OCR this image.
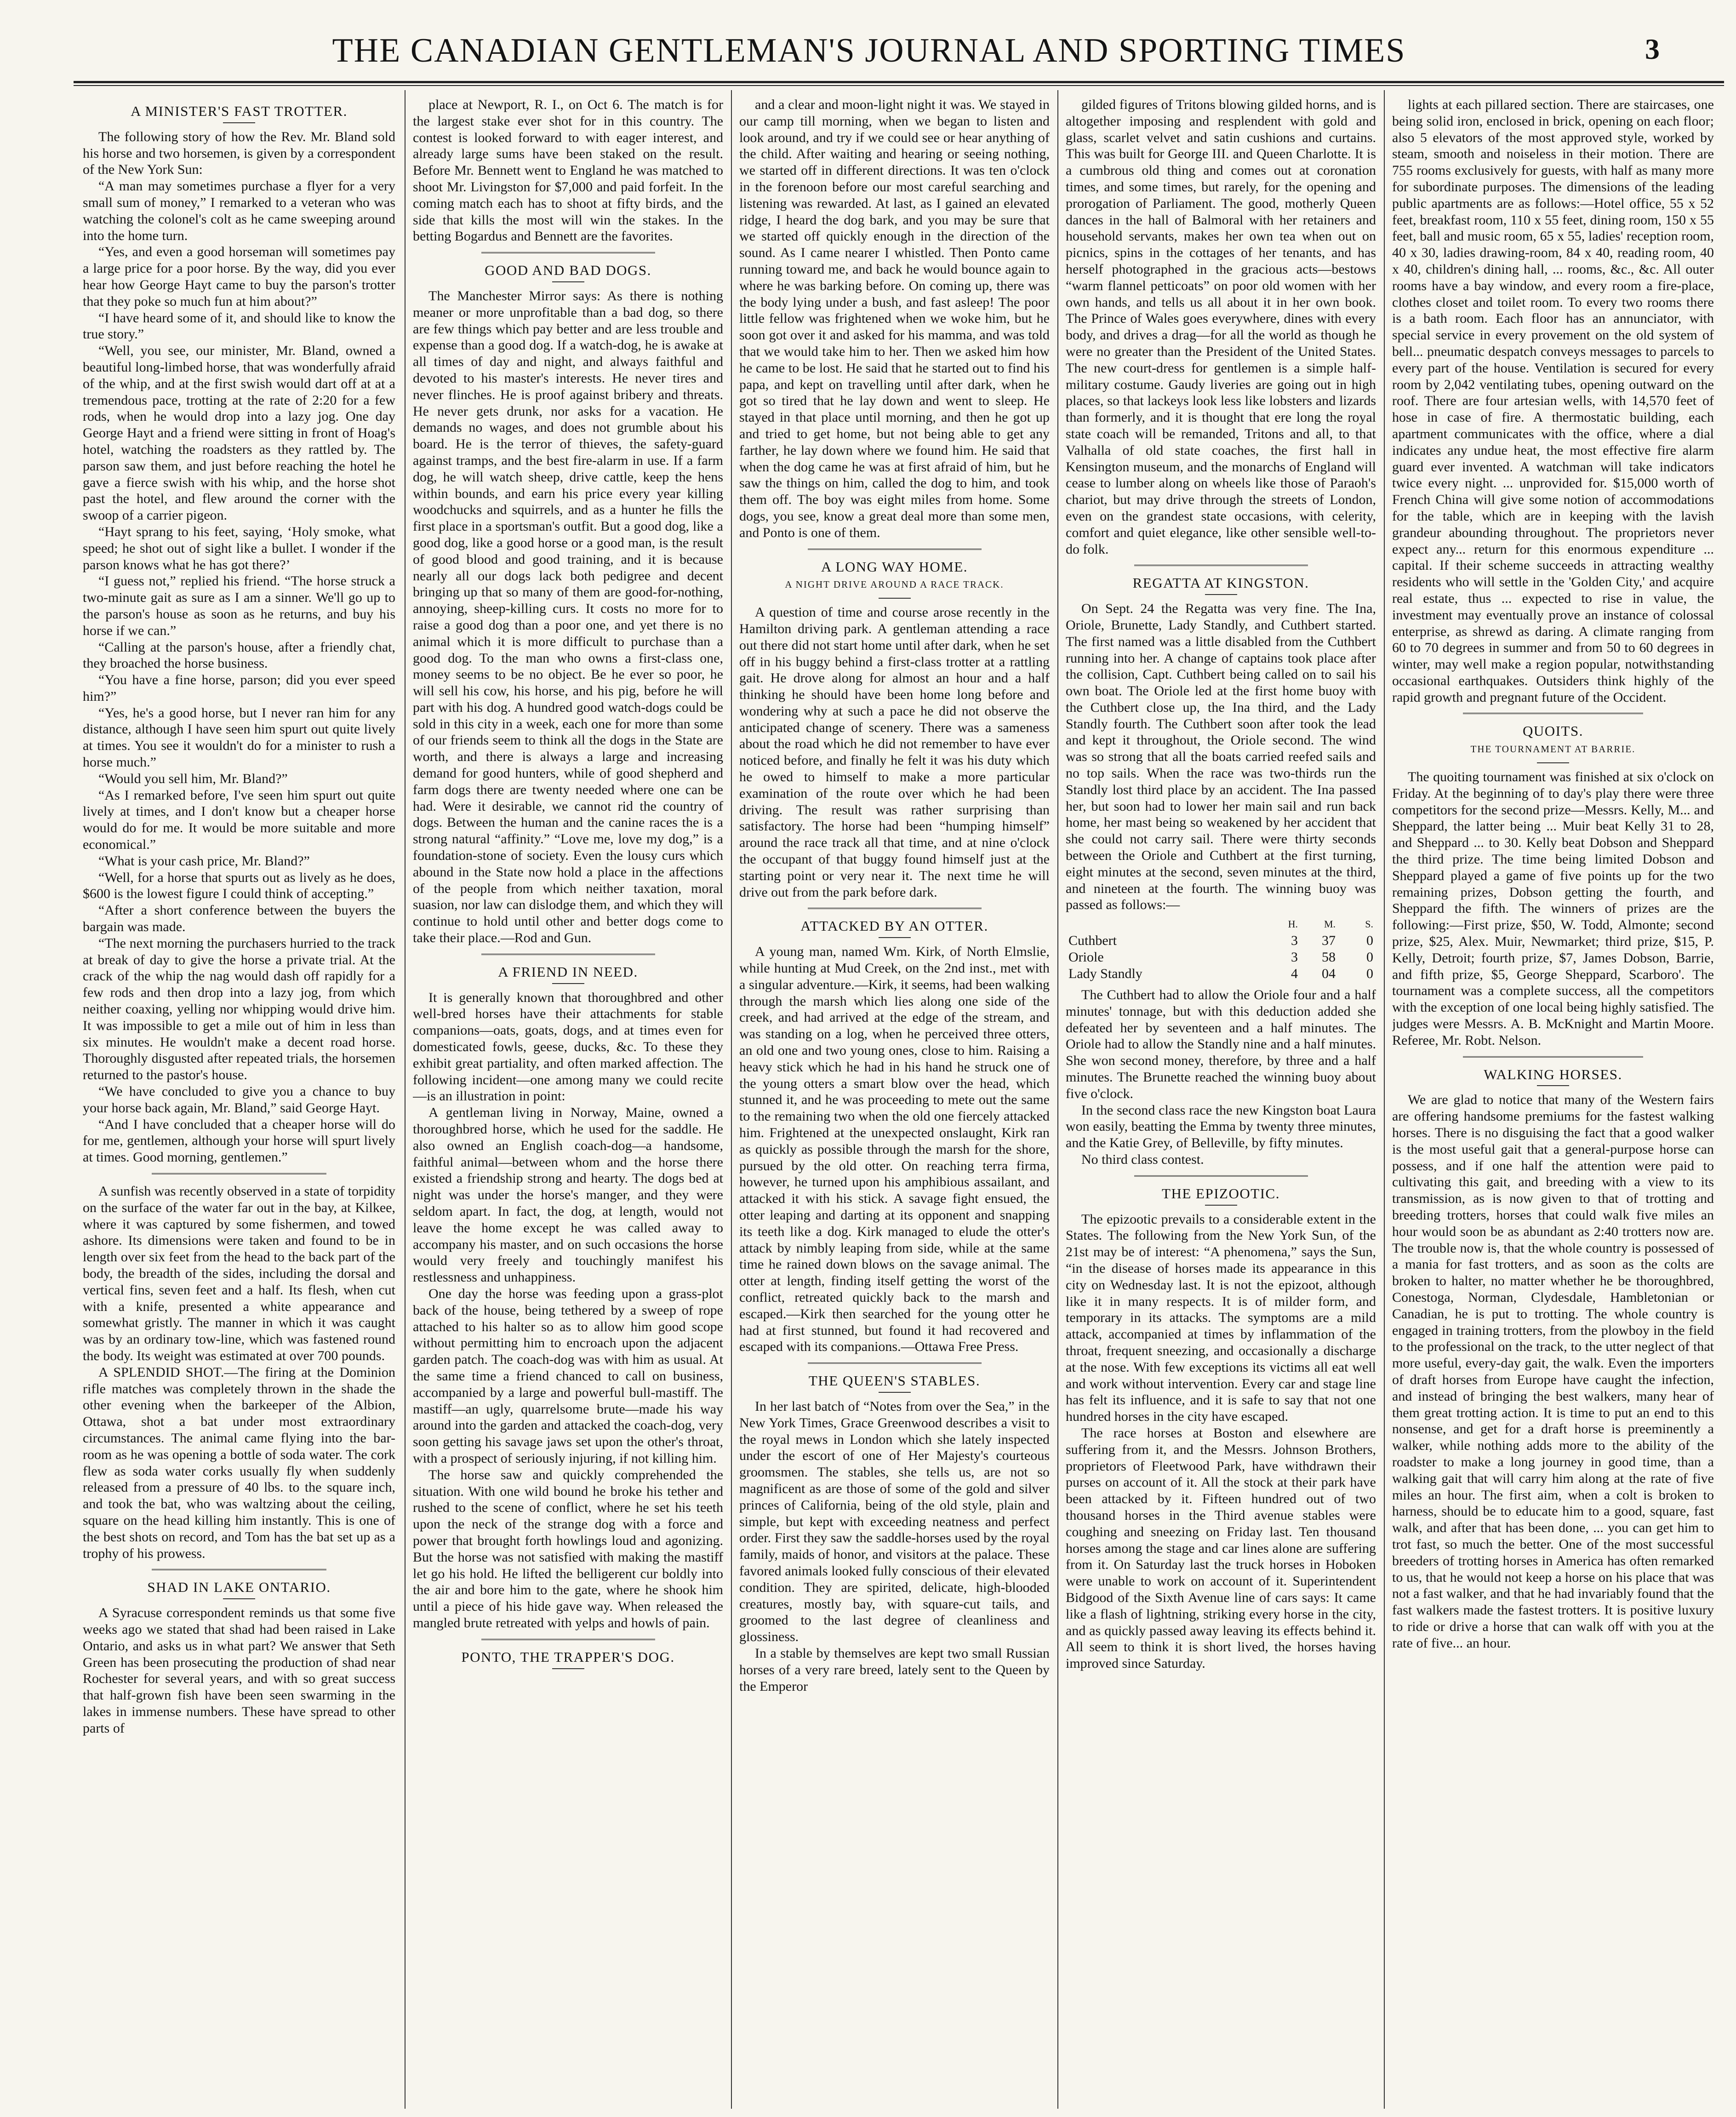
THE CANADIAN GENTLEMAN'S JOURNAL AND SPORTING TIMES	3
A MINISTER'S FAST TROTTER.

The following story of how the Rev. Mr. Bland sold his horse and two horsemen, is given by a correspondent of the New York Sun:

“A man may sometimes purchase a flyer for a very small sum of money,” I remarked to a veteran who was watching the colonel's colt as he came sweeping around into the home turn.

“Yes, and even a good horseman will sometimes pay a large price for a poor horse. By the way, did you ever hear how George Hayt came to buy the parson's trotter that they poke so much fun at him about?”

“I have heard some of it, and should like to know the true story.”

“Well, you see, our minister, Mr. Bland, owned a beautiful long-limbed horse, that was wonderfully afraid of the whip, and at the first swish would dart off at at a tremendous pace, trotting at the rate of 2:20 for a few rods, when he would drop into a lazy jog. One day George Hayt and a friend were sitting in front of Hoag's hotel, watching the roadsters as they rattled by. The parson saw them, and just before reaching the hotel he gave a fierce swish with his whip, and the horse shot past the hotel, and flew around the corner with the swoop of a carrier pigeon.

“Hayt sprang to his feet, saying, ‘Holy smoke, what speed; he shot out of sight like a bullet. I wonder if the parson knows what he has got there?’

“I guess not,” replied his friend. “The horse struck a two-minute gait as sure as I am a sinner. We'll go up to the parson's house as soon as he returns, and buy his horse if we can.”

“Calling at the parson's house, after a friendly chat, they broached the horse business.

“You have a fine horse, parson; did you ever speed him?”

“Yes, he's a good horse, but I never ran him for any distance, although I have seen him spurt out quite lively at times. You see it wouldn't do for a minister to rush a horse much.”

“Would you sell him, Mr. Bland?”

“As I remarked before, I've seen him spurt out quite lively at times, and I don't know but a cheaper horse would do for me. It would be more suitable and more economical.”

“What is your cash price, Mr. Bland?”

“Well, for a horse that spurts out as lively as he does, $600 is the lowest figure I could think of accepting.”

“After a short conference between the buyers the bargain was made.

“The next morning the purchasers hurried to the track at break of day to give the horse a private trial. At the crack of the whip the nag would dash off rapidly for a few rods and then drop into a lazy jog, from which neither coaxing, yelling nor whipping would drive him. It was impossible to get a mile out of him in less than six minutes. He wouldn't make a decent road horse. Thoroughly disgusted after repeated trials, the horsemen returned to the pastor's house.

“We have concluded to give you a chance to buy your horse back again, Mr. Bland,” said George Hayt.

“And I have concluded that a cheaper horse will do for me, gentlemen, although your horse will spurt lively at times. Good morning, gentlemen.”

A sunfish was recently observed in a state of torpidity on the surface of the water far out in the bay, at Kilkee, where it was captured by some fishermen, and towed ashore. Its dimensions were taken and found to be in length over six feet from the head to the back part of the body, the breadth of the sides, including the dorsal and vertical fins, seven feet and a half. Its flesh, when cut with a knife, presented a white appearance and somewhat gristly. The manner in which it was caught was by an ordinary tow-line, which was fastened round the body. Its weight was estimated at over 700 pounds.

A SPLENDID SHOT.—The firing at the Dominion rifle matches was completely thrown in the shade the other evening when the barkeeper of the Albion, Ottawa, shot a bat under most extraordinary circumstances. The animal came flying into the bar-room as he was opening a bottle of soda water. The cork flew as soda water corks usually fly when suddenly released from a pressure of 40 lbs. to the square inch, and took the bat, who was waltzing about the ceiling, square on the head killing him instantly. This is one of the best shots on record, and Tom has the bat set up as a trophy of his prowess.

SHAD IN LAKE ONTARIO.

A Syracuse correspondent reminds us that some five weeks ago we stated that shad had been raised in Lake Ontario, and asks us in what part? We answer that Seth Green has been prosecuting the production of shad near Rochester for several years, and with so great success that half-grown fish have been seen swarming in the lakes in immense numbers. These have spread to other parts of

place at Newport, R. I., on Oct 6. The match is for the largest stake ever shot for in this country. The contest is looked forward to with eager interest, and already large sums have been staked on the result. Before Mr. Bennett went to England he was matched to shoot Mr. Livingston for $7,000 and paid forfeit. In the coming match each has to shoot at fifty birds, and the side that kills the most will win the stakes. In the betting Bogardus and Bennett are the favorites.

GOOD AND BAD DOGS.

The Manchester Mirror says: As there is nothing meaner or more unprofitable than a bad dog, so there are few things which pay better and are less trouble and expense than a good dog. If a watch-dog, he is awake at all times of day and night, and always faithful and devoted to his master's interests. He never tires and never flinches. He is proof against bribery and threats. He never gets drunk, nor asks for a vacation. He demands no wages, and does not grumble about his board. He is the terror of thieves, the safety-guard against tramps, and the best fire-alarm in use. If a farm dog, he will watch sheep, drive cattle, keep the hens within bounds, and earn his price every year killing woodchucks and squirrels, and as a hunter he fills the first place in a sportsman's outfit. But a good dog, like a good dog, like a good horse or a good man, is the result of good blood and good training, and it is because nearly all our dogs lack both pedigree and decent bringing up that so many of them are good-for-nothing, annoying, sheep-killing curs. It costs no more for to raise a good dog than a poor one, and yet there is no animal which it is more difficult to purchase than a good dog. To the man who owns a first-class one, money seems to be no object. Be he ever so poor, he will sell his cow, his horse, and his pig, before he will part with his dog. A hundred good watch-dogs could be sold in this city in a week, each one for more than some of our friends seem to think all the dogs in the State are worth, and there is always a large and increasing demand for good hunters, while of good shepherd and farm dogs there are twenty needed where one can be had. Were it desirable, we cannot rid the country of dogs. Between the human and the canine races the is a strong natural “affinity.” “Love me, love my dog,” is a foundation-stone of society. Even the lousy curs which abound in the State now hold a place in the affections of the people from which neither taxation, moral suasion, nor law can dislodge them, and which they will continue to hold until other and better dogs come to take their place.—Rod and Gun.

A FRIEND IN NEED.

It is generally known that thoroughbred and other well-bred horses have their attachments for stable companions—oats, goats, dogs, and at times even for domesticated fowls, geese, ducks, &c. To these they exhibit great partiality, and often marked affection. The following incident—one among many we could recite—is an illustration in point:

A gentleman living in Norway, Maine, owned a thoroughbred horse, which he used for the saddle. He also owned an English coach-dog—a handsome, faithful animal—between whom and the horse there existed a friendship strong and hearty. The dogs bed at night was under the horse's manger, and they were seldom apart. In fact, the dog, at length, would not leave the home except he was called away to accompany his master, and on such occasions the horse would very freely and touchingly manifest his restlessness and unhappiness.

One day the horse was feeding upon a grass-plot back of the house, being tethered by a sweep of rope attached to his halter so as to allow him good scope without permitting him to encroach upon the adjacent garden patch. The coach-dog was with him as usual. At the same time a friend chanced to call on business, accompanied by a large and powerful bull-mastiff. The mastiff—an ugly, quarrelsome brute—made his way around into the garden and attacked the coach-dog, very soon getting his savage jaws set upon the other's throat, with a prospect of seriously injuring, if not killing him.

The horse saw and quickly comprehended the situation. With one wild bound he broke his tether and rushed to the scene of conflict, where he set his teeth upon the neck of the strange dog with a force and power that brought forth howlings loud and agonizing. But the horse was not satisfied with making the mastiff let go his hold. He lifted the belligerent cur boldly into the air and bore him to the gate, where he shook him until a piece of his hide gave way. When released the mangled brute retreated with yelps and howls of pain.

PONTO, THE TRAPPER'S DOG.

and a clear and moon-light night it was. We stayed in our camp till morning, when we began to listen and look around, and try if we could see or hear anything of the child. After waiting and hearing or seeing nothing, we started off in different directions. It was ten o'clock in the forenoon before our most careful searching and listening was rewarded. At last, as I gained an elevated ridge, I heard the dog bark, and you may be sure that we started off quickly enough in the direction of the sound. As I came nearer I whistled. Then Ponto came running toward me, and back he would bounce again to where he was barking before. On coming up, there was the body lying under a bush, and fast asleep! The poor little fellow was frightened when we woke him, but he soon got over it and asked for his mamma, and was told that we would take him to her. Then we asked him how he came to be lost. He said that he started out to find his papa, and kept on travelling until after dark, when he got so tired that he lay down and went to sleep. He stayed in that place until morning, and then he got up and tried to get home, but not being able to get any farther, he lay down where we found him. He said that when the dog came he was at first afraid of him, but he saw the things on him, called the dog to him, and took them off. The boy was eight miles from home. Some dogs, you see, know a great deal more than some men, and Ponto is one of them.

A LONG WAY HOME.
A NIGHT DRIVE AROUND A RACE TRACK.

A question of time and course arose recently in the Hamilton driving park. A gentleman attending a race out there did not start home until after dark, when he set off in his buggy behind a first-class trotter at a rattling gait. He drove along for almost an hour and a half thinking he should have been home long before and wondering why at such a pace he did not observe the anticipated change of scenery. There was a sameness about the road which he did not remember to have ever noticed before, and finally he felt it was his duty which he owed to himself to make a more particular examination of the route over which he had been driving. The result was rather surprising than satisfactory. The horse had been “humping himself” around the race track all that time, and at nine o'clock the occupant of that buggy found himself just at the starting point or very near it. The next time he will drive out from the park before dark.

ATTACKED BY AN OTTER.

A young man, named Wm. Kirk, of North Elmslie, while hunting at Mud Creek, on the 2nd inst., met with a singular adventure.—Kirk, it seems, had been walking through the marsh which lies along one side of the creek, and had arrived at the edge of the stream, and was standing on a log, when he perceived three otters, an old one and two young ones, close to him. Raising a heavy stick which he had in his hand he struck one of the young otters a smart blow over the head, which stunned it, and he was proceeding to mete out the same to the remaining two when the old one fiercely attacked him. Frightened at the unexpected onslaught, Kirk ran as quickly as possible through the marsh for the shore, pursued by the old otter. On reaching terra firma, however, he turned upon his amphibious assailant, and attacked it with his stick. A savage fight ensued, the otter leaping and darting at its opponent and snapping its teeth like a dog. Kirk managed to elude the otter's attack by nimbly leaping from side, while at the same time he rained down blows on the savage animal. The otter at length, finding itself getting the worst of the conflict, retreated quickly back to the marsh and escaped.—Kirk then searched for the young otter he had at first stunned, but found it had recovered and escaped with its companions.—Ottawa Free Press.

THE QUEEN'S STABLES.

In her last batch of “Notes from over the Sea,” in the New York Times, Grace Greenwood describes a visit to the royal mews in London which she lately inspected under the escort of one of Her Majesty's courteous groomsmen. The stables, she tells us, are not so magnificent as are those of some of the gold and silver princes of California, being of the old style, plain and simple, but kept with exceeding neatness and perfect order. First they saw the saddle-horses used by the royal family, maids of honor, and visitors at the palace. These favored animals looked fully conscious of their elevated condition. They are spirited, delicate, high-blooded creatures, mostly bay, with square-cut tails, and groomed to the last degree of cleanliness and glossiness.

In a stable by themselves are kept two small Russian horses of a very rare breed, lately sent to the Queen by the Emperor

gilded figures of Tritons blowing gilded horns, and is altogether imposing and resplendent with gold and glass, scarlet velvet and satin cushions and curtains. This was built for George III. and Queen Charlotte. It is a cumbrous old thing and comes out at coronation times, and some times, but rarely, for the opening and prorogation of Parliament. The good, motherly Queen dances in the hall of Balmoral with her retainers and household servants, makes her own tea when out on picnics, spins in the cottages of her tenants, and has herself photographed in the gracious acts—bestows “warm flannel petticoats” on poor old women with her own hands, and tells us all about it in her own book. The Prince of Wales goes everywhere, dines with every body, and drives a drag—for all the world as though he were no greater than the President of the United States. The new court-dress for gentlemen is a simple half-military costume. Gaudy liveries are going out in high places, so that lackeys look less like lobsters and lizards than formerly, and it is thought that ere long the royal state coach will be remanded, Tritons and all, to that Valhalla of old state coaches, the first hall in Kensington museum, and the monarchs of England will cease to lumber along on wheels like those of Paraoh's chariot, but may drive through the streets of London, even on the grandest state occasions, with celerity, comfort and quiet elegance, like other sensible well-to-do folk.

REGATTA AT KINGSTON.

On Sept. 24 the Regatta was very fine. The Ina, Oriole, Brunette, Lady Standly, and Cuthbert started. The first named was a little disabled from the Cuthbert running into her. A change of captains took place after the collision, Capt. Cuthbert being called on to sail his own boat. The Oriole led at the first home buoy with the Cuthbert close up, the Ina third, and the Lady Standly fourth. The Cuthbert soon after took the lead and kept it throughout, the Oriole second. The wind was so strong that all the boats carried reefed sails and no top sails. When the race was two-thirds run the Standly lost third place by an accident. The Ina passed her, but soon had to lower her main sail and run back home, her mast being so weakened by her accident that she could not carry sail. There were thirty seconds between the Oriole and Cuthbert at the first turning, eight minutes at the second, seven minutes at the third, and nineteen at the fourth. The winning buoy was passed as follows:—

	H.	M.	S.
Cuthbert	3	37	0
Oriole	3	58	0
Lady Standly	4	04	0

The Cuthbert had to allow the Oriole four and a half minutes' tonnage, but with this deduction added she defeated her by seventeen and a half minutes. The Oriole had to allow the Standly nine and a half minutes. She won second money, therefore, by three and a half minutes. The Brunette reached the winning buoy about five o'clock.

In the second class race the new Kingston boat Laura won easily, beatting the Emma by twenty three minutes, and the Katie Grey, of Belleville, by fifty minutes.

No third class contest.

THE EPIZOOTIC.

The epizootic prevails to a considerable extent in the States. The following from the New York Sun, of the 21st may be of interest: “A phenomena,” says the Sun, “in the disease of horses made its appearance in this city on Wednesday last. It is not the epizoot, although like it in many respects. It is of milder form, and temporary in its attacks. The symptoms are a mild attack, accompanied at times by inflammation of the throat, frequent sneezing, and occasionally a discharge at the nose. With few exceptions its victims all eat well and work without intervention. Every car and stage line has felt its influence, and it is safe to say that not one hundred horses in the city have escaped.

The race horses at Boston and elsewhere are suffering from it, and the Messrs. Johnson Brothers, proprietors of Fleetwood Park, have withdrawn their purses on account of it. All the stock at their park have been attacked by it. Fifteen hundred out of two thousand horses in the Third avenue stables were coughing and sneezing on Friday last. Ten thousand horses among the stage and car lines alone are suffering from it. On Saturday last the truck horses in Hoboken were unable to work on account of it. Superintendent Bidgood of the Sixth Avenue line of cars says: It came like a flash of lightning, striking every horse in the city, and as quickly passed away leaving its effects behind it. All seem to think it is short lived, the horses having improved since Saturday.

lights at each pillared section. There are staircases, one being solid iron, enclosed in brick, opening on each floor; also 5 elevators of the most approved style, worked by steam, smooth and noiseless in their motion. There are 755 rooms exclusively for guests, with half as many more for subordinate purposes. The dimensions of the leading public apartments are as follows:—Hotel office, 55 x 52 feet, breakfast room, 110 x 55 feet, dining room, 150 x 55 feet, ball and music room, 65 x 55, ladies' reception room, 40 x 30, ladies drawing-room, 84 x 40, reading room, 40 x 40, children's dining hall, ... rooms, &c., &c. All outer rooms have a bay window, and every room a fire-place, clothes closet and toilet room. To every two rooms there is a bath room. Each floor has an annunciator, with special service in every provement on the old system of bell... pneumatic despatch conveys messages to parcels to every part of the house. Ventilation is secured for every room by 2,042 ventilating tubes, opening outward on the roof. There are four artesian wells, with 14,570 feet of hose in case of fire. A thermostatic building, each apartment communicates with the office, where a dial indicates any undue heat, the most effective fire alarm guard ever invented. A watchman will take indicators twice every night. ... unprovided for. $15,000 worth of French China will give some notion of accommodations for the table, which are in keeping with the lavish grandeur abounding throughout. The proprietors never expect any... return for this enormous expenditure ... capital. If their scheme succeeds in attracting wealthy residents who will settle in the 'Golden City,' and acquire real estate, thus ... expected to rise in value, the investment may eventually prove an instance of colossal enterprise, as shrewd as daring. A climate ranging from 60 to 70 degrees in summer and from 50 to 60 degrees in winter, may well make a region popular, notwithstanding occasional earthquakes. Outsiders think highly of the rapid growth and pregnant future of the Occident.

QUOITS.
THE TOURNAMENT AT BARRIE.

The quoiting tournament was finished at six o'clock on Friday. At the beginning of to day's play there were three competitors for the second prize—Messrs. Kelly, M... and Sheppard, the latter being ... Muir beat Kelly 31 to 28, and Sheppard ... to 30. Kelly beat Dobson and Sheppard the third prize. The time being limited Dobson and Sheppard played a game of five points up for the two remaining prizes, Dobson getting the fourth, and Sheppard the fifth. The winners of prizes are the following:—First prize, $50, W. Todd, Almonte; second prize, $25, Alex. Muir, Newmarket; third prize, $15, P. Kelly, Detroit; fourth prize, $7, James Dobson, Barrie, and fifth prize, $5, George Sheppard, Scarboro'. The tournament was a complete success, all the competitors with the exception of one local being highly satisfied. The judges were Messrs. A. B. McKnight and Martin Moore. Referee, Mr. Robt. Nelson.

WALKING HORSES.

We are glad to notice that many of the Western fairs are offering handsome premiums for the fastest walking horses. There is no disguising the fact that a good walker is the most useful gait that a general-purpose horse can possess, and if one half the attention were paid to cultivating this gait, and breeding with a view to its transmission, as is now given to that of trotting and breeding trotters, horses that could walk five miles an hour would soon be as abundant as 2:40 trotters now are. The trouble now is, that the whole country is possessed of a mania for fast trotters, and as soon as the colts are broken to halter, no matter whether he be thoroughbred, Conestoga, Norman, Clydesdale, Hambletonian or Canadian, he is put to trotting. The whole country is engaged in training trotters, from the plowboy in the field to the professional on the track, to the utter neglect of that more useful, every-day gait, the walk. Even the importers of draft horses from Europe have caught the infection, and instead of bringing the best walkers, many hear of them great trotting action. It is time to put an end to this nonsense, and get for a draft horse is preeminently a walker, while nothing adds more to the ability of the roadster to make a long journey in good time, than a walking gait that will carry him along at the rate of five miles an hour. The first aim, when a colt is broken to harness, should be to educate him to a good, square, fast walk, and after that has been done, ... you can get him to trot fast, so much the better. One of the most successful breeders of trotting horses in America has often remarked to us, that he would not keep a horse on his place that was not a fast walker, and that he had invariably found that the fast walkers made the fastest trotters. It is positive luxury to ride or drive a horse that can walk off with you at the rate of five... an hour.
